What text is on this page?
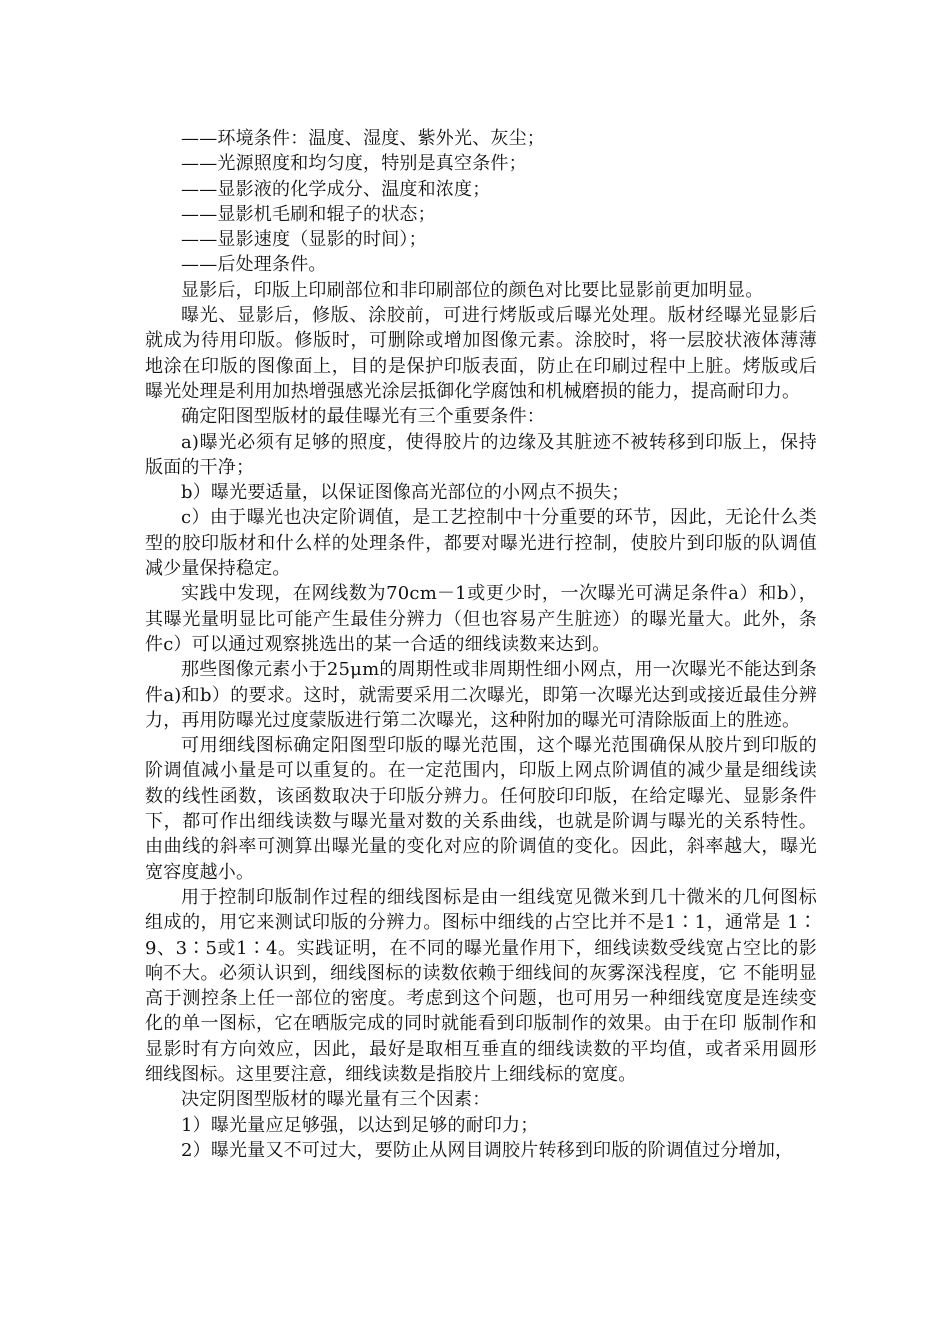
——环境条件：温度、湿度、紫外光、灰尘；

——光源照度和均匀度，特别是真空条件；

——显影液的化学成分、温度和浓度；

——显影机毛刷和辊子的状态；

——显影速度（显影的时间）；

——后处理条件。

显影后，印版上印刷部位和非印刷部位的颜色对比要比显影前更加明显。

曝光、显影后，修版、涂胶前，可进行烤版或后曝光处理。版材经曝光显影后就成为待用印版。修版时，可删除或增加图像元素。涂胶时，将一层胶状液体薄薄地涂在印版的图像面上，目的是保护印版表面，防止在印刷过程中上脏。烤版或后曝光处理是利用加热增强感光涂层抵御化学腐蚀和机械磨损的能力，提高耐印力。

确定阳图型版材的最佳曝光有三个重要条件：

a)曝光必须有足够的照度，使得胶片的边缘及其脏迹不被转移到印版上，保持版面的干净；

b）曝光要适量，以保证图像高光部位的小网点不损失；

c）由于曝光也决定阶调值，是工艺控制中十分重要的环节，因此，无论什么类型的胶印版材和什么样的处理条件，都要对曝光进行控制，使胶片到印版的队调值减少量保持稳定。

实践中发现，在网线数为70cm－1或更少时，一次曝光可满足条件a）和b），其曝光量明显比可能产生最佳分辨力（但也容易产生脏迹）的曝光量大。此外，条件c）可以通过观察挑选出的某一合适的细线读数来达到。

那些图像元素小于25μm的周期性或非周期性细小网点，用一次曝光不能达到条件a)和b）的要求。这时，就需要采用二次曝光，即第一次曝光达到或接近最佳分辨力，再用防曝光过度蒙版进行第二次曝光，这种附加的曝光可清除版面上的胜迹。

可用细线图标确定阳图型印版的曝光范围，这个曝光范围确保从胶片到印版的阶调值减小量是可以重复的。在一定范围内，印版上网点阶调值的减少量是细线读 数的线性函数，该函数取决于印版分辨力。任何胶印印版，在给定曝光、显影条件下，都可作出细线读数与曝光量对数的关系曲线，也就是阶调与曝光的关系特性。 由曲线的斜率可测算出曝光量的变化对应的阶调值的变化。因此，斜率越大，曝光宽容度越小。

用于控制印版制作过程的细线图标是由一组线宽见微米到几十微米的几何图标组成的，用它来测试印版的分辨力。图标中细线的占空比并不是1∶1，通常是 1∶9、3∶5或1∶4。实践证明，在不同的曝光量作用下，细线读数受线宽占空比的影响不大。必须认识到，细线图标的读数依赖于细线间的灰雾深浅程度，它 不能明显高于测控条上任一部位的密度。考虑到这个问题，也可用另一种细线宽度是连续变化的单一图标，它在晒版完成的同时就能看到印版制作的效果。由于在印 版制作和显影时有方向效应，因此，最好是取相互垂直的细线读数的平均值，或者采用圆形细线图标。这里要注意，细线读数是指胶片上细线标的宽度。

决定阴图型版材的曝光量有三个因素：

1）曝光量应足够强，以达到足够的耐印力；

2）曝光量又不可过大，要防止从网目调胶片转移到印版的阶调值过分增加，
